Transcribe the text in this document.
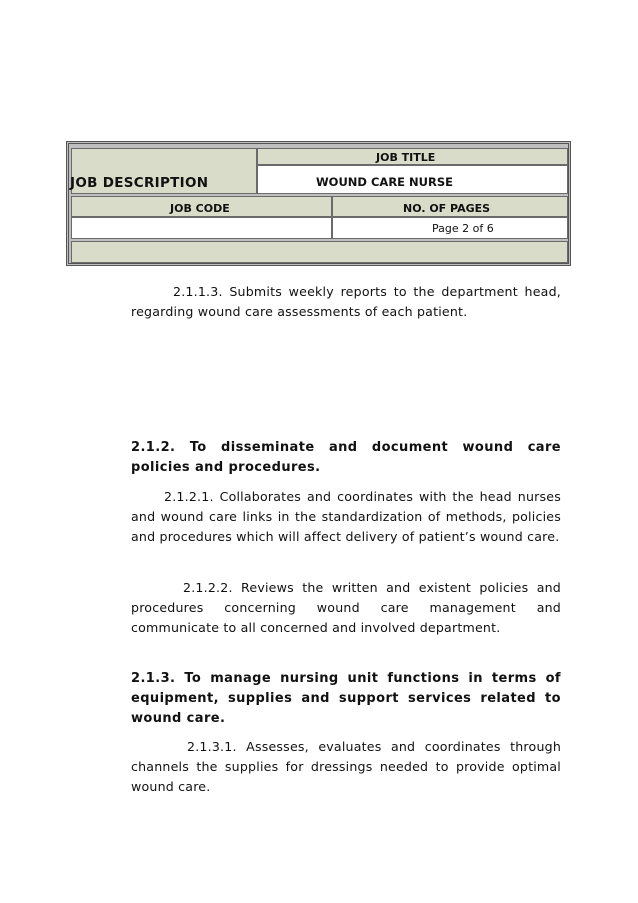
JOB DESCRIPTION
JOB TITLE
WOUND CARE NURSE
JOB CODE	NO. OF PAGES
Page 2 of 6
2.1.1.3. Submits weekly reports to the department head, regarding wound care assessments of each patient.
2.1.2. To disseminate and document wound care policies and procedures.
2.1.2.1. Collaborates and coordinates with the head nurses and wound care links in the standardization of methods, policies and procedures which will affect delivery of patient’s wound care.
2.1.2.2. Reviews the written and existent policies and procedures concerning wound care management and communicate to all concerned and involved department.
2.1.3. To manage nursing unit functions in terms of equipment, supplies and support services related to wound care.
2.1.3.1. Assesses, evaluates and coordinates through channels the supplies for dressings needed to provide optimal wound care.
